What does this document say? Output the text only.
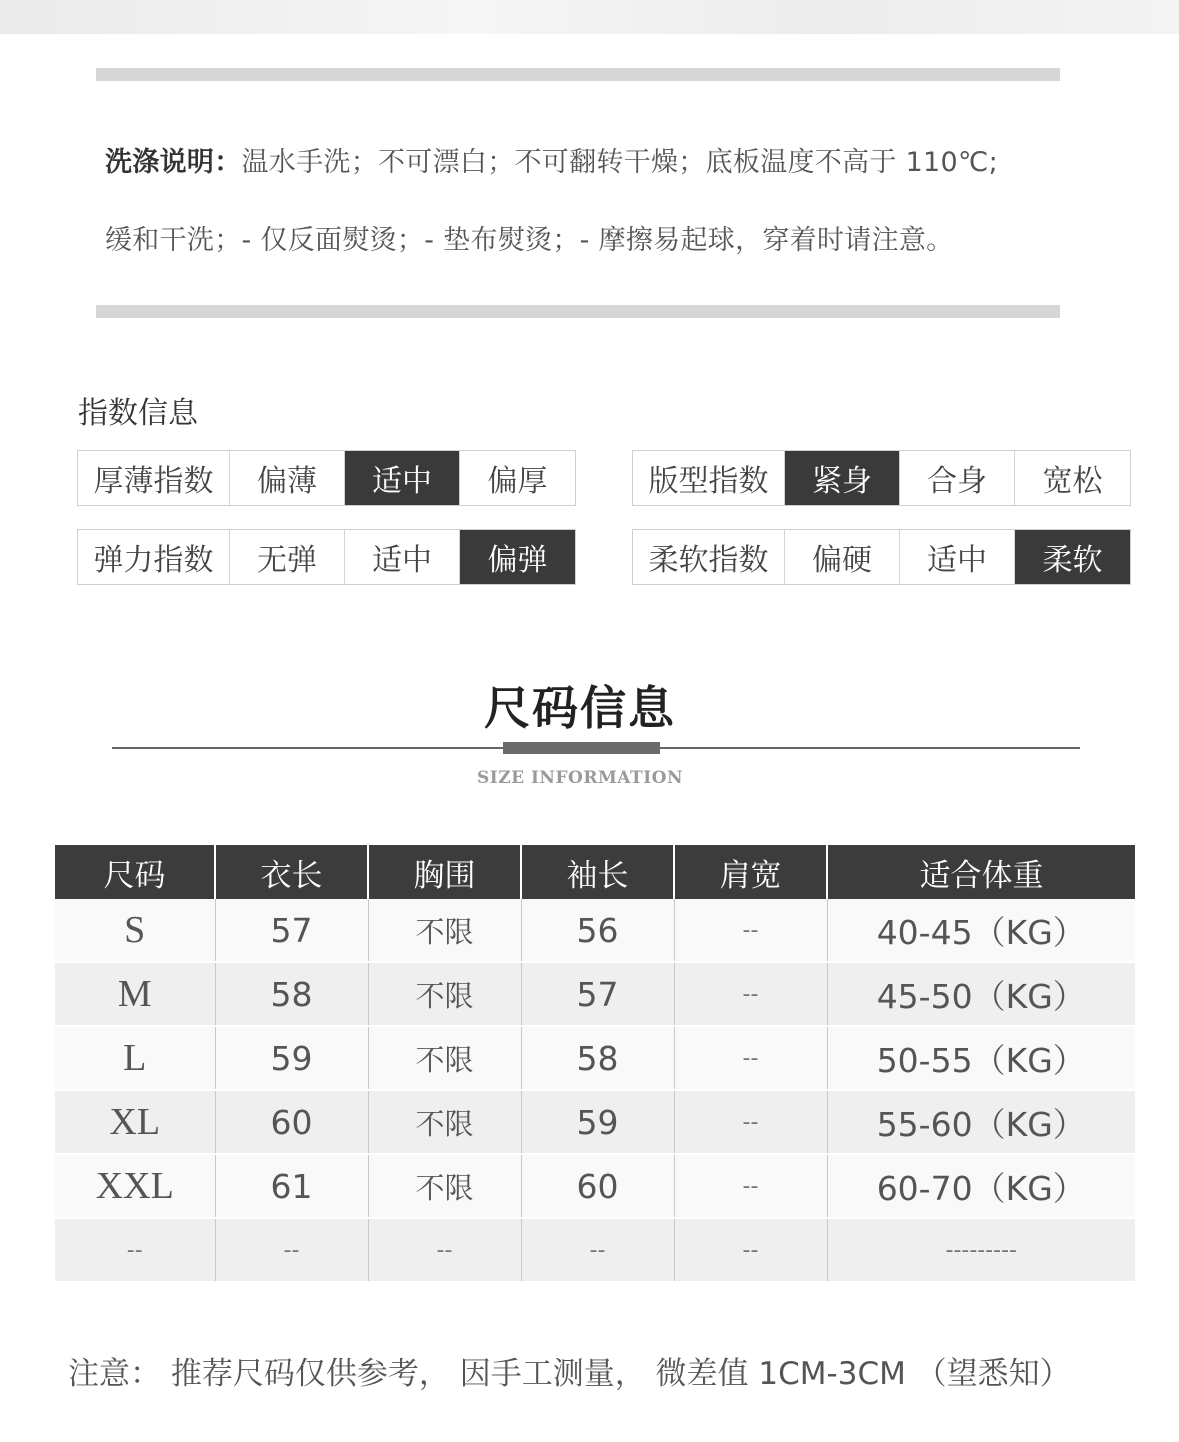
洗涤说明：温水手洗；不可漂白；不可翻转干燥；底板温度不高于 110℃;
缓和干洗；- 仅反面熨烫；- 垫布熨烫；- 摩擦易起球，穿着时请注意。
指数信息
厚薄指数	偏薄	适中	偏厚
弹力指数	无弹	适中	偏弹
版型指数	紧身	合身	宽松
柔软指数	偏硬	适中	柔软
尺码信息
SIZE INFORMATION
尺码	衣长	胸围	袖长	肩宽	适合体重
S	57	不限	56	--	40-45（KG）
M	58	不限	57	--	45-50（KG）
L	59	不限	58	--	50-55（KG）
XL	60	不限	59	--	55-60（KG）
XXL	61	不限	60	--	60-70（KG）
--	--	--	--	--	---------
注意： 推荐尺码仅供参考， 因手工测量， 微差值 1CM-3CM （望悉知）
